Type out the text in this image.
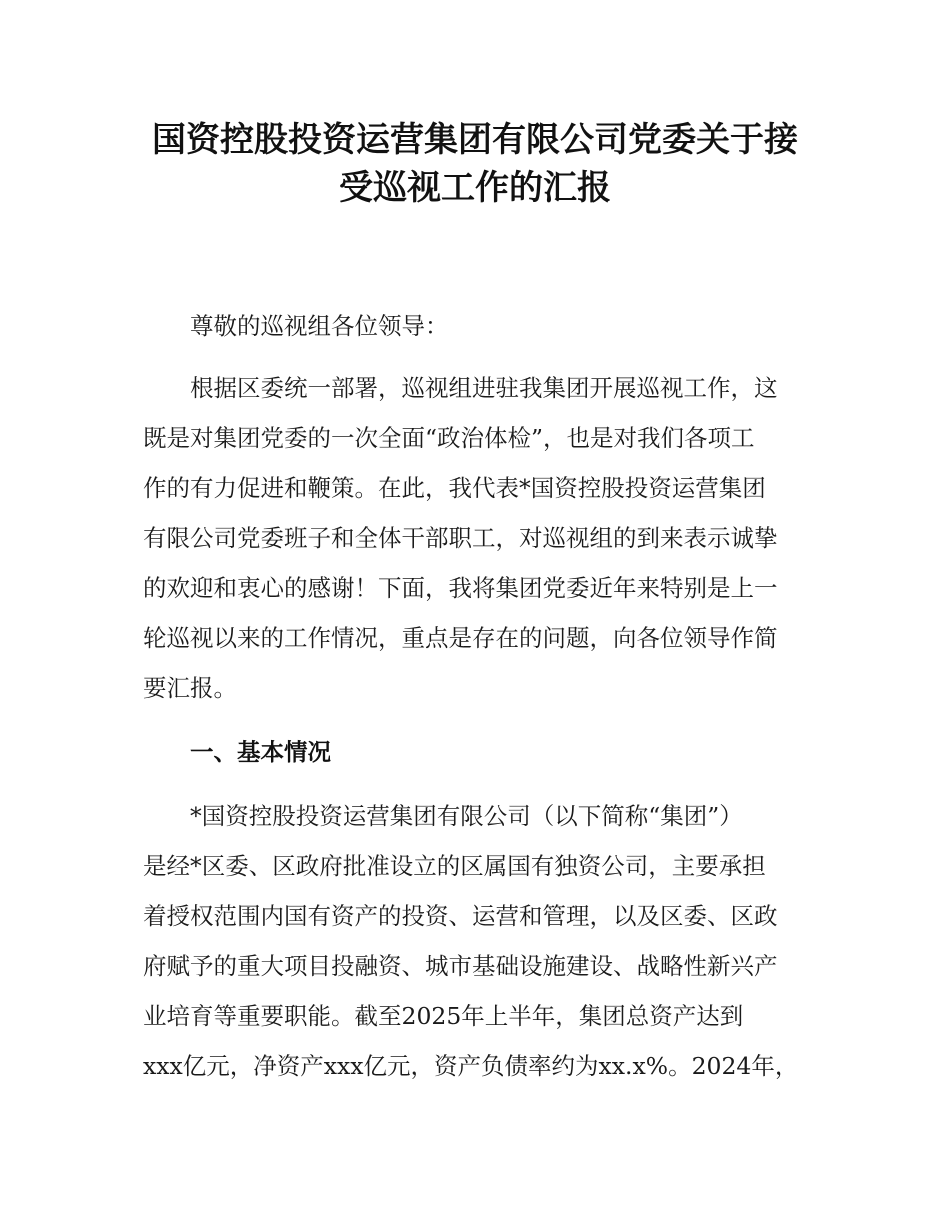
国资控股投资运营集团有限公司党委关于接
受巡视工作的汇报
尊敬的巡视组各位领导：
根据区委统一部署，巡视组进驻我集团开展巡视工作，这
既是对集团党委的一次全面“政治体检”，也是对我们各项工
作的有力促进和鞭策。在此，我代表*国资控股投资运营集团
有限公司党委班子和全体干部职工，对巡视组的到来表示诚挚
的欢迎和衷心的感谢！下面，我将集团党委近年来特别是上一
轮巡视以来的工作情况，重点是存在的问题，向各位领导作简
要汇报。
一、基本情况
*国资控股投资运营集团有限公司（以下简称“集团”）
是经*区委、区政府批准设立的区属国有独资公司，主要承担
着授权范围内国有资产的投资、运营和管理，以及区委、区政
府赋予的重大项目投融资、城市基础设施建设、战略性新兴产
业培育等重要职能。截至2025年上半年，集团总资产达到
xxx亿元，净资产xxx亿元，资产负债率约为xx.x%。2024年，
